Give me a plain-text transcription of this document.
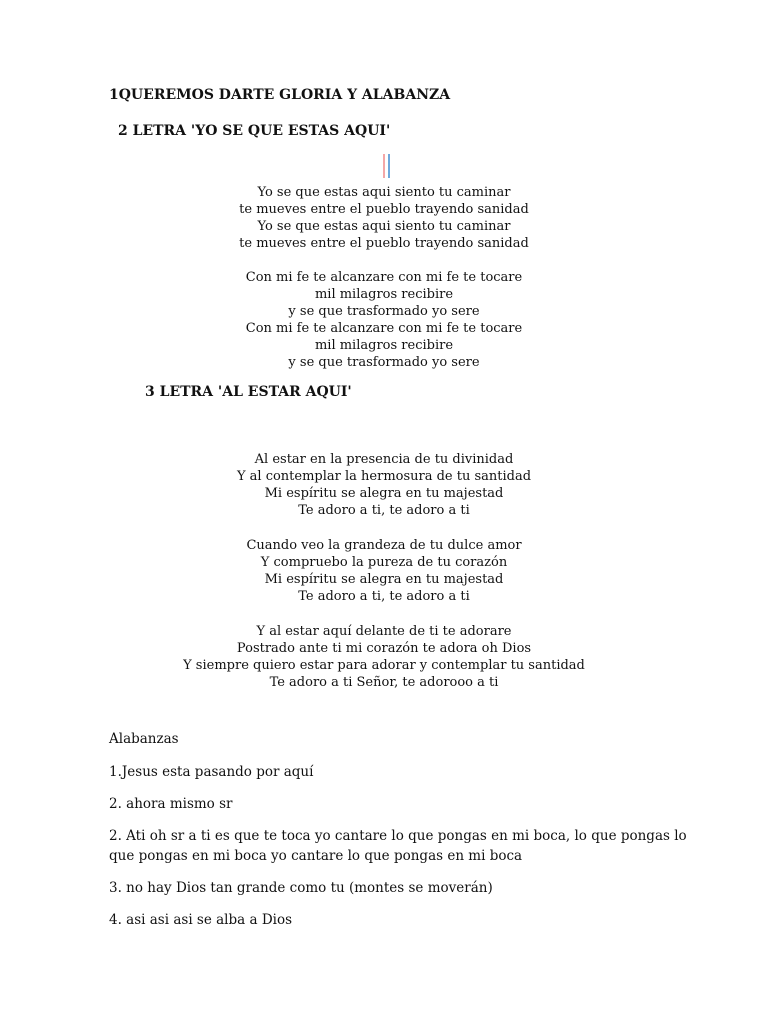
1QUEREMOS DARTE GLORIA Y ALABANZA
2 LETRA 'YO SE QUE ESTAS AQUI'
Yo se que estas aqui siento tu caminar
te mueves entre el pueblo trayendo sanidad
Yo se que estas aqui siento tu caminar
te mueves entre el pueblo trayendo sanidad
Con mi fe te alcanzare con mi fe te tocare
mil milagros recibire
y se que trasformado yo sere
Con mi fe te alcanzare con mi fe te tocare
mil milagros recibire
y se que trasformado yo sere
3 LETRA 'AL ESTAR AQUI'
Al estar en la presencia de tu divinidad
Y al contemplar la hermosura de tu santidad
Mi espíritu se alegra en tu majestad
Te adoro a ti, te adoro a ti
Cuando veo la grandeza de tu dulce amor
Y compruebo la pureza de tu corazón
Mi espíritu se alegra en tu majestad
Te adoro a ti, te adoro a ti
Y al estar aquí delante de ti te adorare
Postrado ante ti mi corazón te adora oh Dios
Y siempre quiero estar para adorar y contemplar tu santidad
Te adoro a ti Señor, te adorooo a ti
Alabanzas
1.Jesus esta pasando por aquí
2. ahora mismo sr
2. Ati oh sr a ti es que te toca yo cantare lo que pongas en mi boca, lo que pongas lo
que pongas en mi boca yo cantare lo que pongas en mi boca
3. no hay Dios tan grande como tu (montes se moverán)
4. asi asi asi se alba a Dios
